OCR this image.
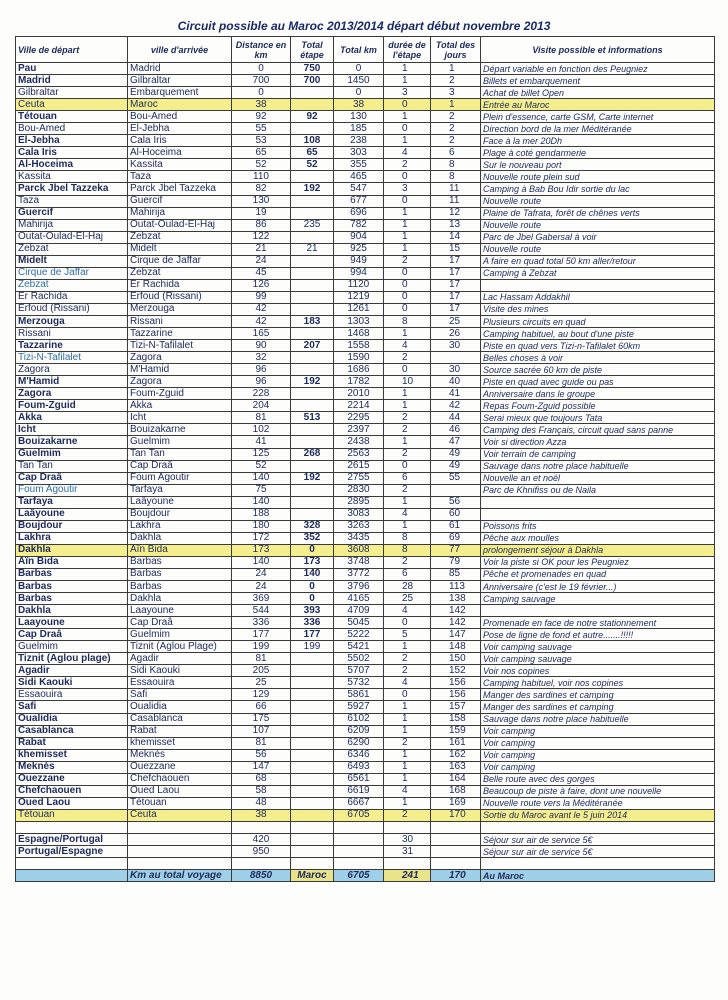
Circuit possible au Maroc 2013/2014 départ début novembre 2013
Ville de départ	ville d'arrivée	Distance en km	Total étape	Total km	durée de l'étape	Total des jours	Visite possible et informations
Pau	Madrid	0	750	0	1	1	Départ variable en fonction des Peugniez
Madrid	Gilbraltar	700	700	1450	1	2	Billets et embarquement
Gilbraltar	Embarquement	0		0	3	3	Achat de billet Open
Ceuta	Maroc	38		38	0	1	Entrée au Maroc
Tétouan	Bou-Amed	92	92	130	1	2	Plein d'essence, carte GSM, Carte internet
Bou-Amed	El-Jebha	55		185	0	2	Direction bord de la mer Méditéranée
El-Jebha	Cala Iris	53	108	238	1	2	Face à la mer 20Dh
Cala Iris	Al-Hoceima	65	65	303	4	6	Plage à coté gendarmerie
Al-Hoceima	Kassita	52	52	355	2	8	Sur le nouveau port
Kassita	Taza	110		465	0	8	Nouvelle route plein sud
Parck Jbel Tazzeka	Parck Jbel Tazzeka	82	192	547	3	11	Camping à Bab Bou Idir sortie du lac
Taza	Guercif	130		677	0	11	Nouvelle route
Guercif	Mahirija	19		696	1	12	Plaine de Tafrata, forêt de chênes verts
Mahirija	Outat-Oulad-El-Haj	86	235	782	1	13	Nouvelle route
Outat-Oulad-El-Haj	Zebzat	122		904	1	14	Parc de Jbel Gabersal à voir
Zebzat	Midelt	21	21	925	1	15	Nouvelle route
Midelt	Cirque de Jaffar	24		949	2	17	A faire en quad total 50 km aller/retour
Cirque de Jaffar	Zebzat	45		994	0	17	Camping à Zebzat
Zebzat	Er Rachida	126		1120	0	17	
Er Rachida	Erfoud (Rissani)	99		1219	0	17	Lac Hassam Addakhil
Erfoud (Rissani)	Merzouga	42		1261	0	17	Visite des mines
Merzouga	Rissani	42	183	1303	8	25	Plusieurs circuits en quad
Rissani	Tazzarine	165		1468	1	26	Camping habituel, au bout d'une piste
Tazzarine	Tizi-N-Tafilalet	90	207	1558	4	30	Piste en quad vers Tizi-n-Tafilalet 60km
Tizi-N-Tafilalet	Zagora	32		1590	2		Belles choses à voir
Zagora	M'Hamid	96		1686	0	30	Source sacrée 60 km de piste
M'Hamid	Zagora	96	192	1782	10	40	Piste en quad avec guide ou pas
Zagora	Foum-Zguid	228		2010	1	41	Anniversaire dans le groupe
Foum-Zguid	Akka	204		2214	1	42	Repas Foum-Zguid possible
Akka	Icht	81	513	2295	2	44	Serai mieux que toujours Tata
Icht	Bouizakarne	102		2397	2	46	Camping des Français, circuit quad sans panne
Bouizakarne	Guelmim	41		2438	1	47	Voir si direction Azza
Guelmim	Tan Tan	125	268	2563	2	49	Voir terrain de camping
Tan Tan	Cap Draâ	52		2615	0	49	Sauvage dans notre place habituelle
Cap Draâ	Foum Agoutir	140	192	2755	6	55	Nouvelle an et noël
Foum Agoutir	Tarfaya	75		2830	2		Parc de Khnifiss ou de Naila
Tarfaya	Laâyoune	140		2895	1	56	
Laâyoune	Boujdour	188		3083	4	60	
Boujdour	Lakhra	180	328	3263	1	61	Poissons frits
Lakhra	Dakhla	172	352	3435	8	69	Pêche aux moulles
Dakhla	Aïn Bida	173	0	3608	8	77	prolongement séjour à Dakhla
Aïn Bida	Barbas	140	173	3748	2	79	Voir la piste si OK pour les Peugniez
Barbas	Barbas	24	140	3772	6	85	Pêche et promenades en quad
Barbas	Barbas	24	0	3796	28	113	Anniversaire (c'est le 19 février...)
Barbas	Dakhla	369	0	4165	25	138	Camping sauvage
Dakhla	Laayoune	544	393	4709	4	142	
Laayoune	Cap Draâ	336	336	5045	0	142	Promenade en face de notre stationnement
Cap Draâ	Guelmim	177	177	5222	5	147	Pose de ligne de fond et autre.......!!!!!
Guelmim	Tiznit (Aglou Plage)	199	199	5421	1	148	Voir camping sauvage
Tiznit (Aglou plage)	Agadir	81		5502	2	150	Voir camping sauvage
Agadir	Sidi Kaouki	205		5707	2	152	Voir nos copines
Sidi Kaouki	Essaouira	25		5732	4	156	Camping habituel, voir nos copines
Essaouira	Safi	129		5861	0	156	Manger des sardines et camping
Safi	Oualidia	66		5927	1	157	Manger des sardines et camping
Oualidia	Casablanca	175		6102	1	158	Sauvage dans notre place habituelle
Casablanca	Rabat	107		6209	1	159	Voir camping
Rabat	khemisset	81		6290	2	161	Voir camping
khemisset	Meknès	56		6346	1	162	Voir camping
Meknès	Ouezzane	147		6493	1	163	Voir camping
Ouezzane	Chefchaouen	68		6561	1	164	Belle route avec des gorges
Chefchaouen	Oued Laou	58		6619	4	168	Beaucoup de piste à faire, dont une nouvelle
Oued Laou	Tétouan	48		6667	1	169	Nouvelle route vers la Méditéranée
Tétouan	Ceuta	38		6705	2	170	Sortie du Maroc avant le 5 juin 2014

Espagne/Portugal		420			30		Séjour sur air de service 5€
Portugal/Espagne		950			31		Séjour sur air de service 5€

	Km au total voyage	8850	Maroc	6705	241	170	Au Maroc
